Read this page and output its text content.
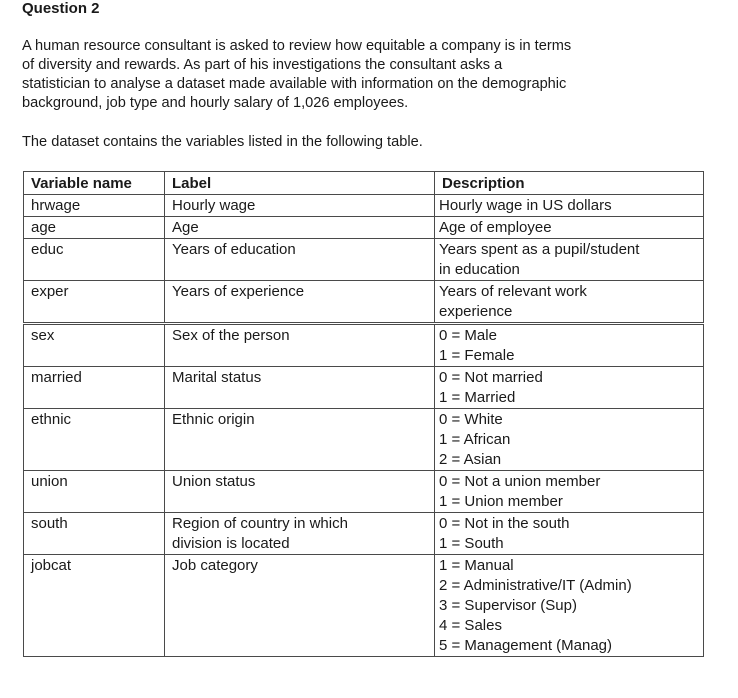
Question 2
A human resource consultant is asked to review how equitable a company is in terms
of diversity and rewards. As part of his investigations the consultant asks a
statistician to analyse a dataset made available with information on the demographic
background, job type and hourly salary of 1,026 employees.
The dataset contains the variables listed in the following table.
Variable name	Label	Description
hrwage	Hourly wage	Hourly wage in US dollars

age	Age	Age of employee

educ	Years of education	Years spent as a pupil/student
in education

exper	Years of experience	Years of relevant work
experience

sex	Sex of the person	0 = Male
1 = Female

married	Marital status	0 = Not married
1 = Married

ethnic	Ethnic origin	0 = White
1 = African
2 = Asian

union	Union status	0 = Not a union member
1 = Union member

south	Region of country in which
division is located	0 = Not in the south
1 = South

jobcat	Job category	1 = Manual
2 = Administrative/IT (Admin)
3 = Supervisor (Sup)
4 = Sales
5 = Management (Manag)
